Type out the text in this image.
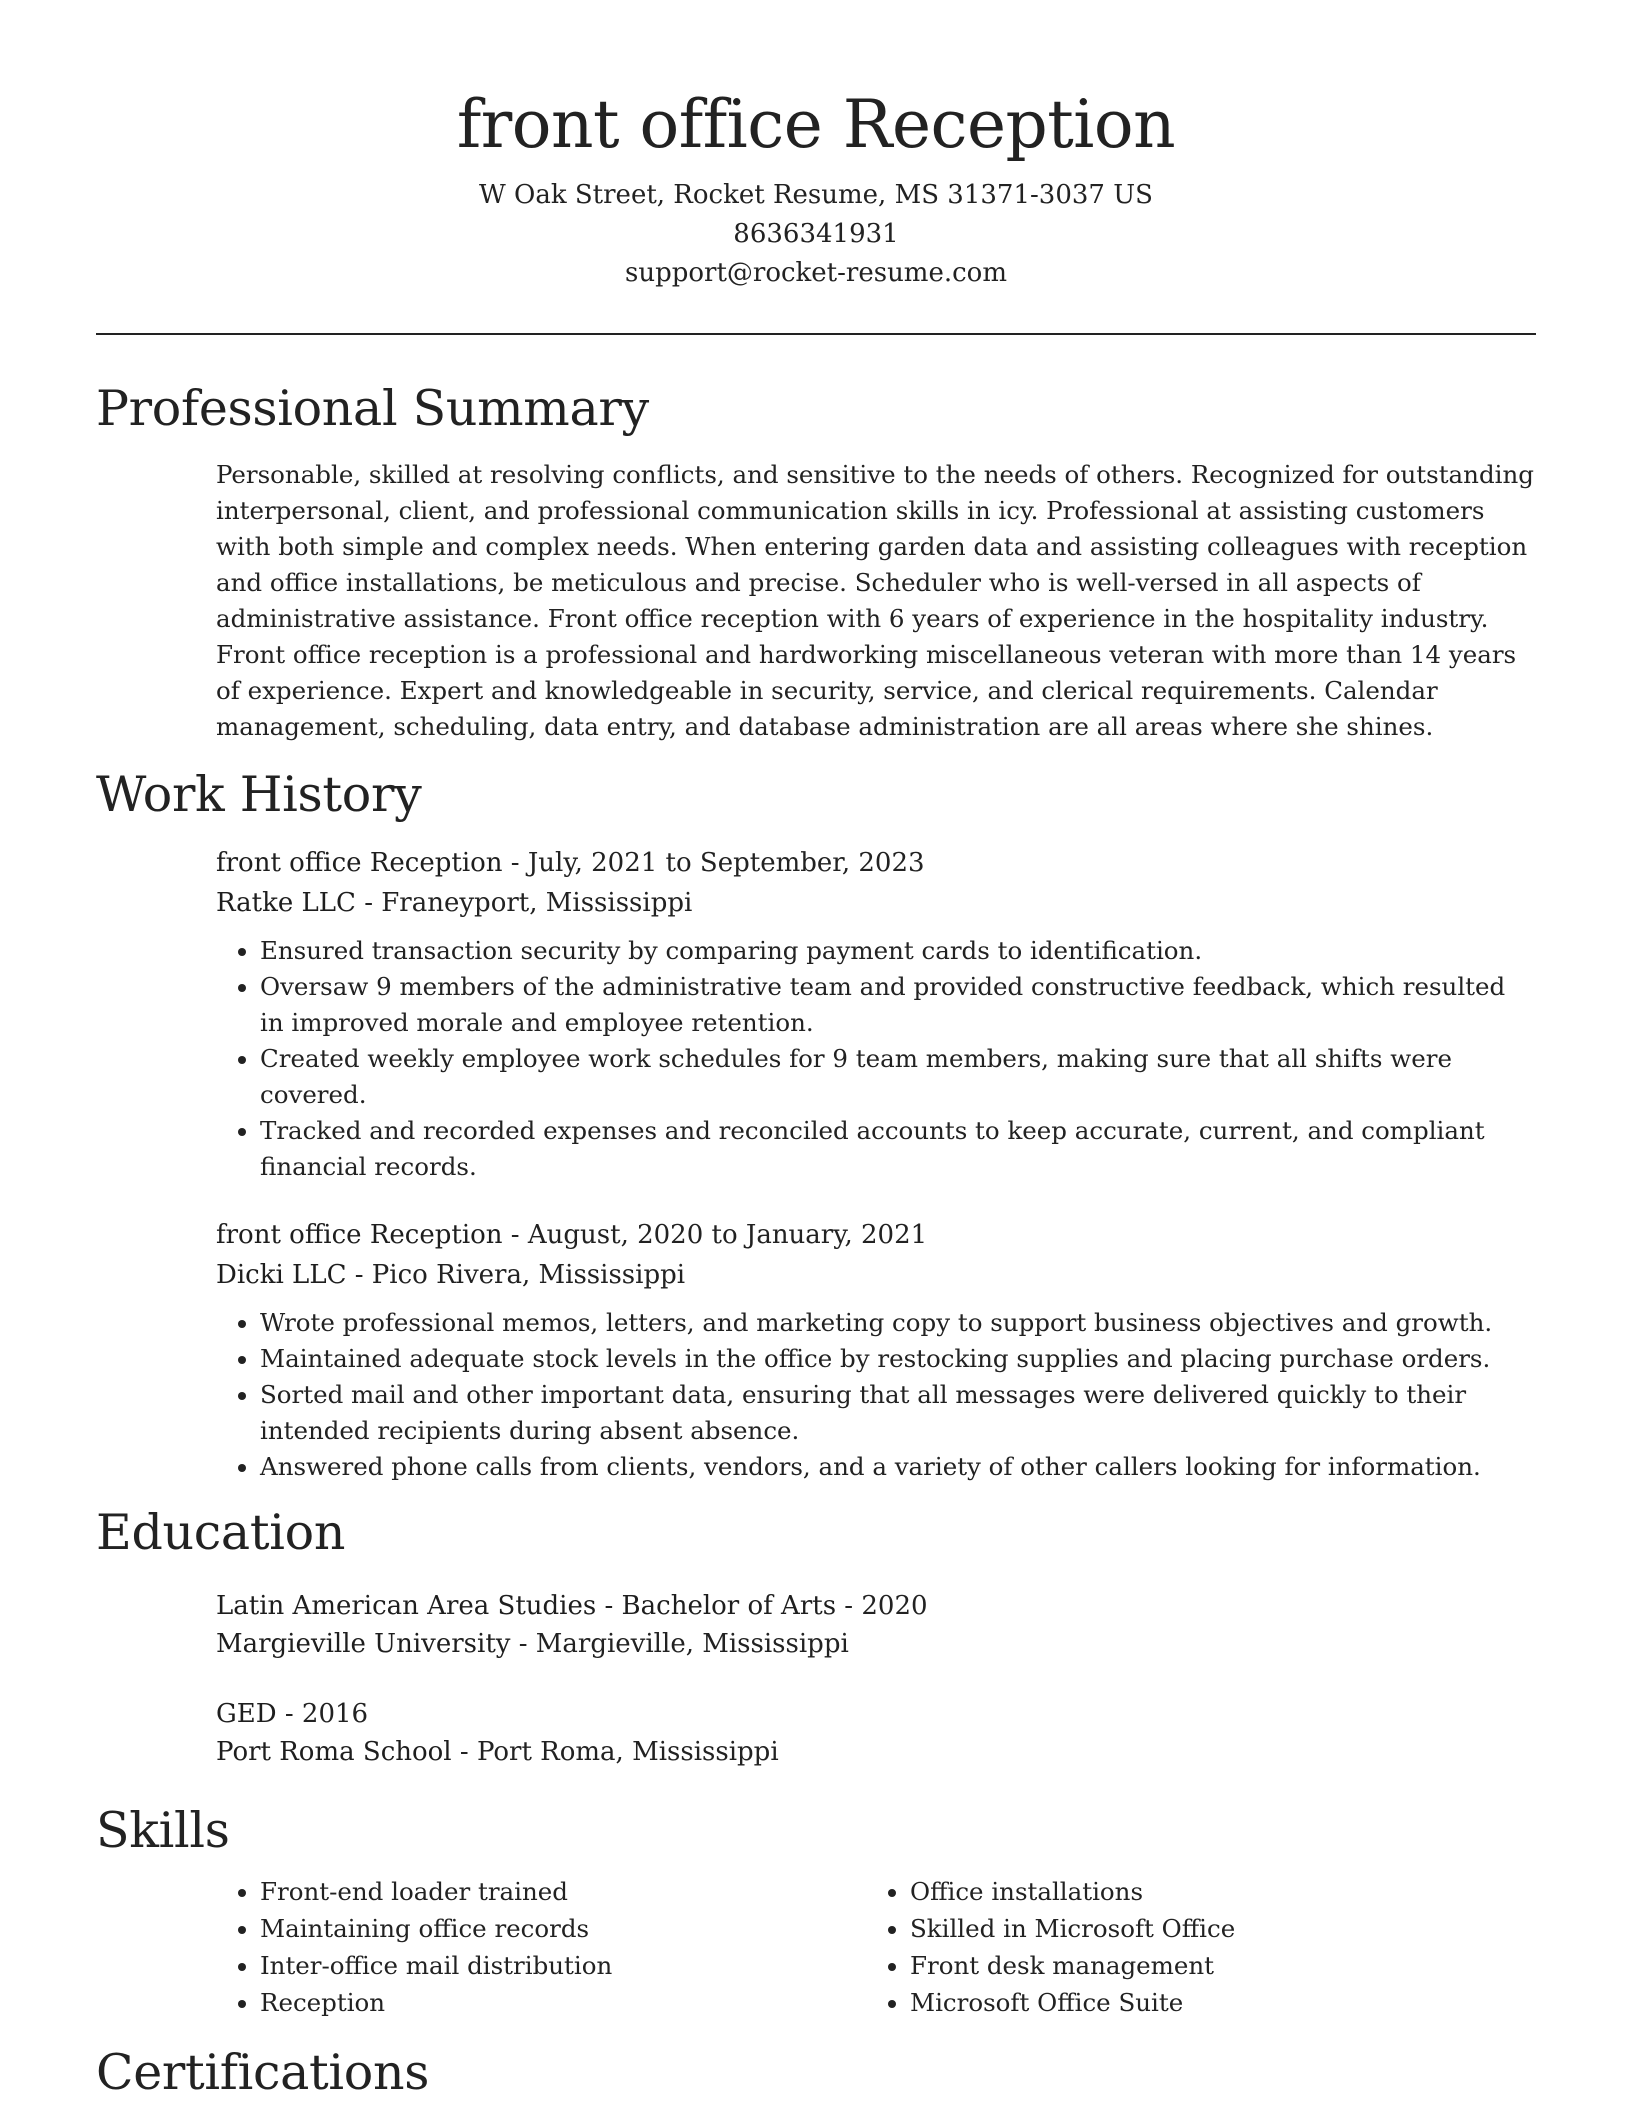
front office Reception
W Oak Street, Rocket Resume, MS 31371-3037 US
8636341931
support@rocket-resume.com
Professional Summary
Personable, skilled at resolving conflicts, and sensitive to the needs of others. Recognized for outstanding interpersonal, client, and professional communication skills in icy. Professional at assisting customers with both simple and complex needs. When entering garden data and assisting colleagues with reception and office installations, be meticulous and precise. Scheduler who is well-versed in all aspects of administrative assistance. Front office reception with 6 years of experience in the hospitality industry. Front office reception is a professional and hardworking miscellaneous veteran with more than 14 years of experience. Expert and knowledgeable in security, service, and clerical requirements. Calendar management, scheduling, data entry, and database administration are all areas where she shines.
Work History
front office Reception - July, 2021 to September, 2023
Ratke LLC - Franeyport, Mississippi
• Ensured transaction security by comparing payment cards to identification.
• Oversaw 9 members of the administrative team and provided constructive feedback, which resulted in improved morale and employee retention.
• Created weekly employee work schedules for 9 team members, making sure that all shifts were covered.
• Tracked and recorded expenses and reconciled accounts to keep accurate, current, and compliant financial records.
front office Reception - August, 2020 to January, 2021
Dicki LLC - Pico Rivera, Mississippi
• Wrote professional memos, letters, and marketing copy to support business objectives and growth.
• Maintained adequate stock levels in the office by restocking supplies and placing purchase orders.
• Sorted mail and other important data, ensuring that all messages were delivered quickly to their intended recipients during absent absence.
• Answered phone calls from clients, vendors, and a variety of other callers looking for information.
Education
Latin American Area Studies - Bachelor of Arts - 2020
Margieville University - Margieville, Mississippi
GED - 2016
Port Roma School - Port Roma, Mississippi
Skills
• Front-end loader trained
• Maintaining office records
• Inter-office mail distribution
• Reception
• Office installations
• Skilled in Microsoft Office
• Front desk management
• Microsoft Office Suite
Certifications
